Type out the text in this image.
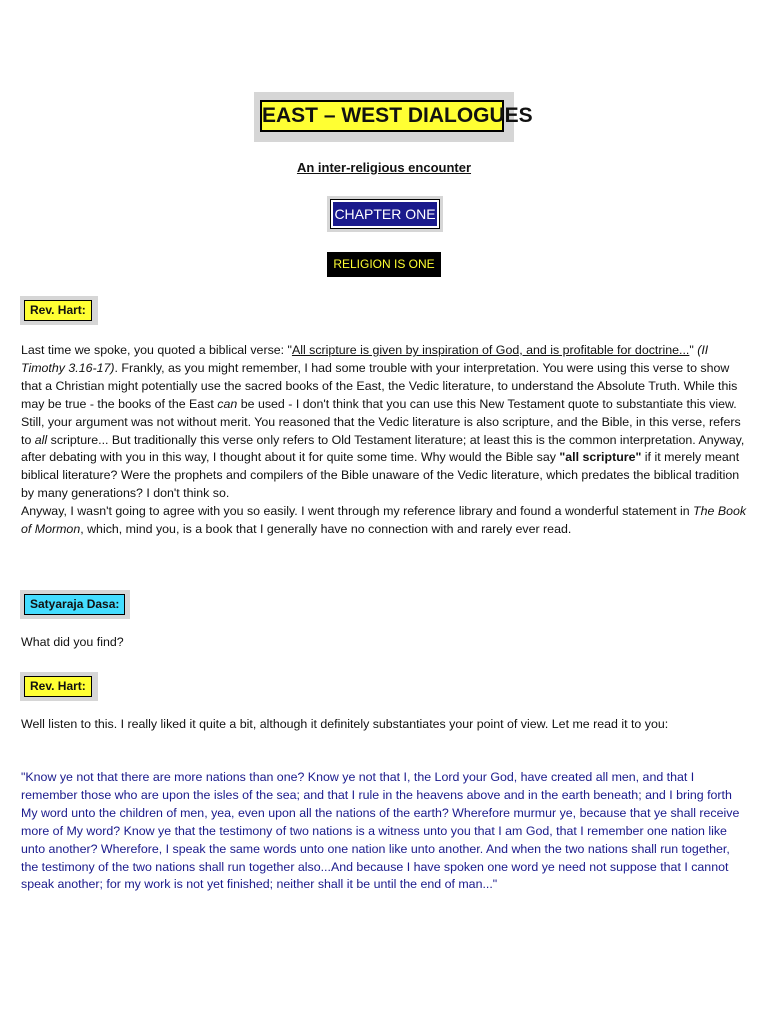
EAST – WEST DIALOGUES
An inter-religious encounter
CHAPTER ONE
RELIGION IS ONE
Rev. Hart:

Last time we spoke, you quoted a biblical verse: "All scripture is given by inspiration of God, and is profitable for doctrine..." (II Timothy 3.16-17). Frankly, as you might remember, I had some trouble with your interpretation. You were using this verse to show that a Christian might potentially use the sacred books of the East, the Vedic literature, to understand the Absolute Truth. While this may be true - the books of the East can be used - I don't think that you can use this New Testament quote to substantiate this view. Still, your argument was not without merit. You reasoned that the Vedic literature is also scripture, and the Bible, in this verse, refers to all scripture... But traditionally this verse only refers to Old Testament literature; at least this is the common interpretation. Anyway, after debating with you in this way, I thought about it for quite some time. Why would the Bible say "all scripture" if it merely meant biblical literature? Were the prophets and compilers of the Bible unaware of the Vedic literature, which predates the biblical tradition by many generations? I don't think so.

Anyway, I wasn't going to agree with you so easily. I went through my reference library and found a wonderful statement in The Book of Mormon, which, mind you, is a book that I generally have no connection with and rarely ever read.

Satyaraja Dasa:
What did you find?
Rev. Hart:
Well listen to this. I really liked it quite a bit, although it definitely substantiates your point of view. Let me read it to you:
"Know ye not that there are more nations than one? Know ye not that I, the Lord your God, have created all men, and that I remember those who are upon the isles of the sea; and that I rule in the heavens above and in the earth beneath; and I bring forth My word unto the children of men, yea, even upon all the nations of the earth? Wherefore murmur ye, because that ye shall receive more of My word? Know ye that the testimony of two nations is a witness unto you that I am God, that I remember one nation like unto another? Wherefore, I speak the same words unto one nation like unto another. And when the two nations shall run together, the testimony of the two nations shall run together also...And because I have spoken one word ye need not suppose that I cannot speak another; for my work is not yet finished; neither shall it be until the end of man..."
